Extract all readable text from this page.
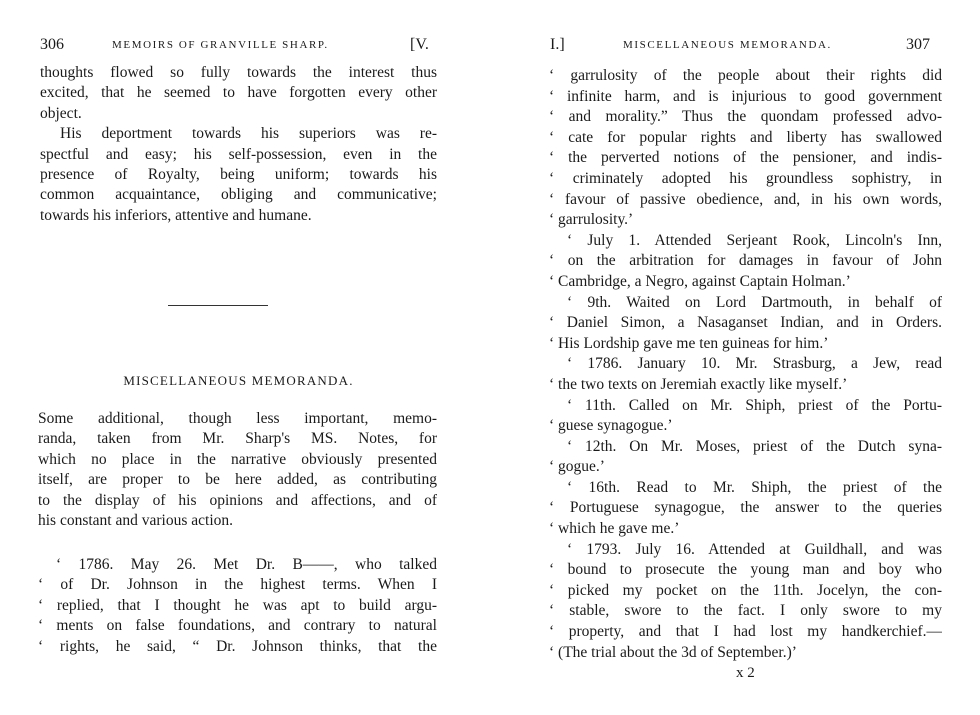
306	MEMOIRS OF GRANVILLE SHARP.	[V.
thoughts flowed so fully towards the interest thus
excited, that he seemed to have forgotten every other
object.
His deportment towards his superiors was re-
spectful and easy; his self-possession, even in the
presence of Royalty, being uniform; towards his
common acquaintance, obliging and communicative;
towards his inferiors, attentive and humane.
MISCELLANEOUS MEMORANDA.
Some additional, though less important, memo-
randa, taken from Mr. Sharp's MS. Notes, for
which no place in the narrative obviously presented
itself, are proper to be here added, as contributing
to the display of his opinions and affections, and of
his constant and various action.
‘ 1786. May 26. Met Dr. B——, who talked
‘ of Dr. Johnson in the highest terms. When I
‘ replied, that I thought he was apt to build argu-
‘ ments on false foundations, and contrary to natural
‘ rights, he said, “ Dr. Johnson thinks, that the
I.]	MISCELLANEOUS MEMORANDA.	307
‘ garrulosity of the people about their rights did
‘ infinite harm, and is injurious to good government
‘ and morality.” Thus the quondam professed advo-
‘ cate for popular rights and liberty has swallowed
‘ the perverted notions of the pensioner, and indis-
‘ criminately adopted his groundless sophistry, in
‘ favour of passive obedience, and, in his own words,
‘ garrulosity.’
‘ July 1. Attended Serjeant Rook, Lincoln's Inn,
‘ on the arbitration for damages in favour of John
‘ Cambridge, a Negro, against Captain Holman.’
‘ 9th. Waited on Lord Dartmouth, in behalf of
‘ Daniel Simon, a Nasaganset Indian, and in Orders.
‘ His Lordship gave me ten guineas for him.’
‘ 1786. January 10. Mr. Strasburg, a Jew, read
‘ the two texts on Jeremiah exactly like myself.’
‘ 11th. Called on Mr. Shiph, priest of the Portu-
‘ guese synagogue.’
‘ 12th. On Mr. Moses, priest of the Dutch syna-
‘ gogue.’
‘ 16th. Read to Mr. Shiph, the priest of the
‘ Portuguese synagogue, the answer to the queries
‘ which he gave me.’
‘ 1793. July 16. Attended at Guildhall, and was
‘ bound to prosecute the young man and boy who
‘ picked my pocket on the 11th. Jocelyn, the con-
‘ stable, swore to the fact. I only swore to my
‘ property, and that I had lost my handkerchief.—
‘ (The trial about the 3d of September.)’
x 2
